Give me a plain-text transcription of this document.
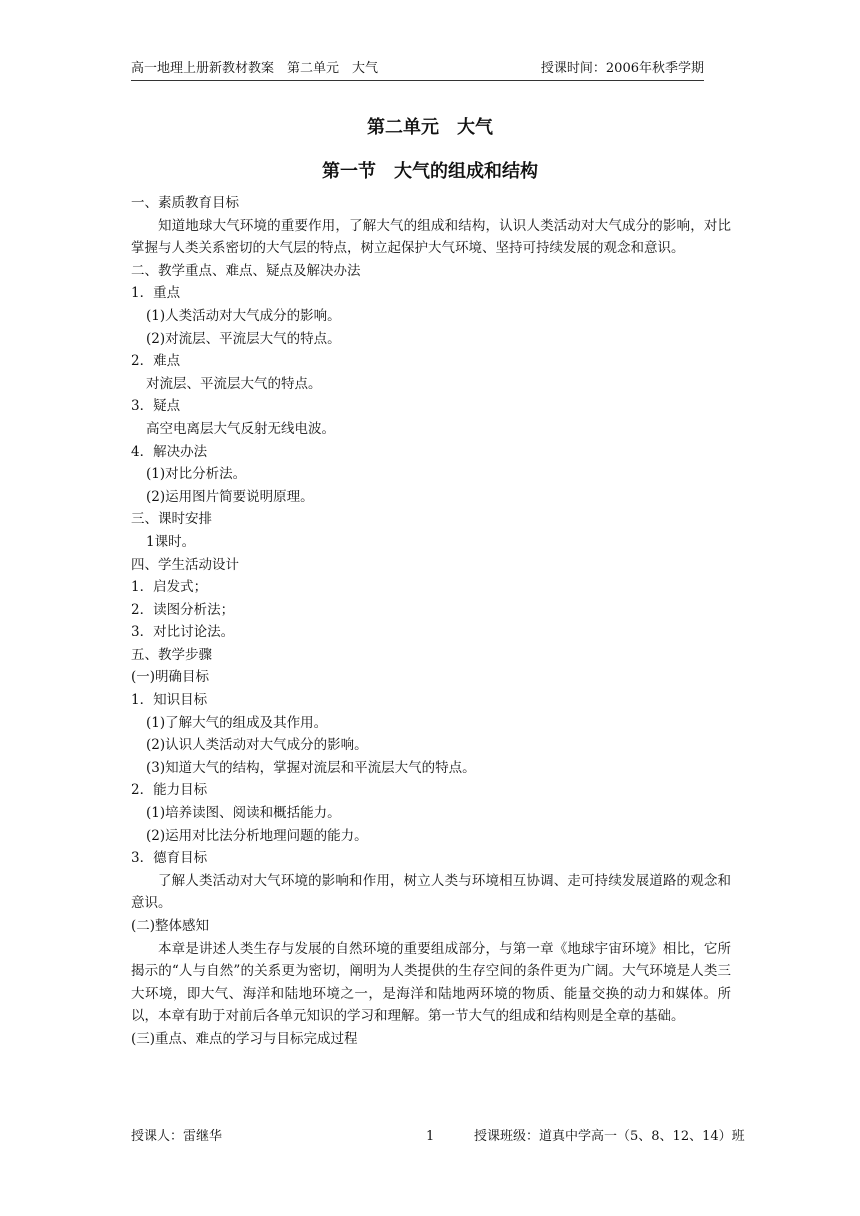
高一地理上册新教材教案　第二单元　大气	授课时间：2006年秋季学期
第二单元　大气
第一节　大气的组成和结构

一、素质教育目标

知道地球大气环境的重要作用，了解大气的组成和结构，认识人类活动对大气成分的影响，对比掌握与人类关系密切的大气层的特点，树立起保护大气环境、坚持可持续发展的观念和意识。

二、教学重点、难点、疑点及解决办法

1．重点

(1)人类活动对大气成分的影响。

(2)对流层、平流层大气的特点。

2．难点

对流层、平流层大气的特点。

3．疑点

高空电离层大气反射无线电波。

4．解决办法

(1)对比分析法。

(2)运用图片简要说明原理。

三、课时安排

1课时。

四、学生活动设计

1．启发式；

2．读图分析法；

3．对比讨论法。

五、教学步骤

(一)明确目标

1．知识目标

(1)了解大气的组成及其作用。

(2)认识人类活动对大气成分的影响。

(3)知道大气的结构，掌握对流层和平流层大气的特点。

2．能力目标

(1)培养读图、阅读和概括能力。

(2)运用对比法分析地理问题的能力。

3．德育目标

了解人类活动对大气环境的影响和作用，树立人类与环境相互协调、走可持续发展道路的观念和意识。

(二)整体感知

本章是讲述人类生存与发展的自然环境的重要组成部分，与第一章《地球宇宙环境》相比，它所揭示的“人与自然”的关系更为密切，阐明为人类提供的生存空间的条件更为广阔。大气环境是人类三大环境，即大气、海洋和陆地环境之一，是海洋和陆地两环境的物质、能量交换的动力和媒体。所以，本章有助于对前后各单元知识的学习和理解。第一节大气的组成和结构则是全章的基础。

(三)重点、难点的学习与目标完成过程

授课人：雷继华	1	授课班级：道真中学高一（5、8、12、14）班
